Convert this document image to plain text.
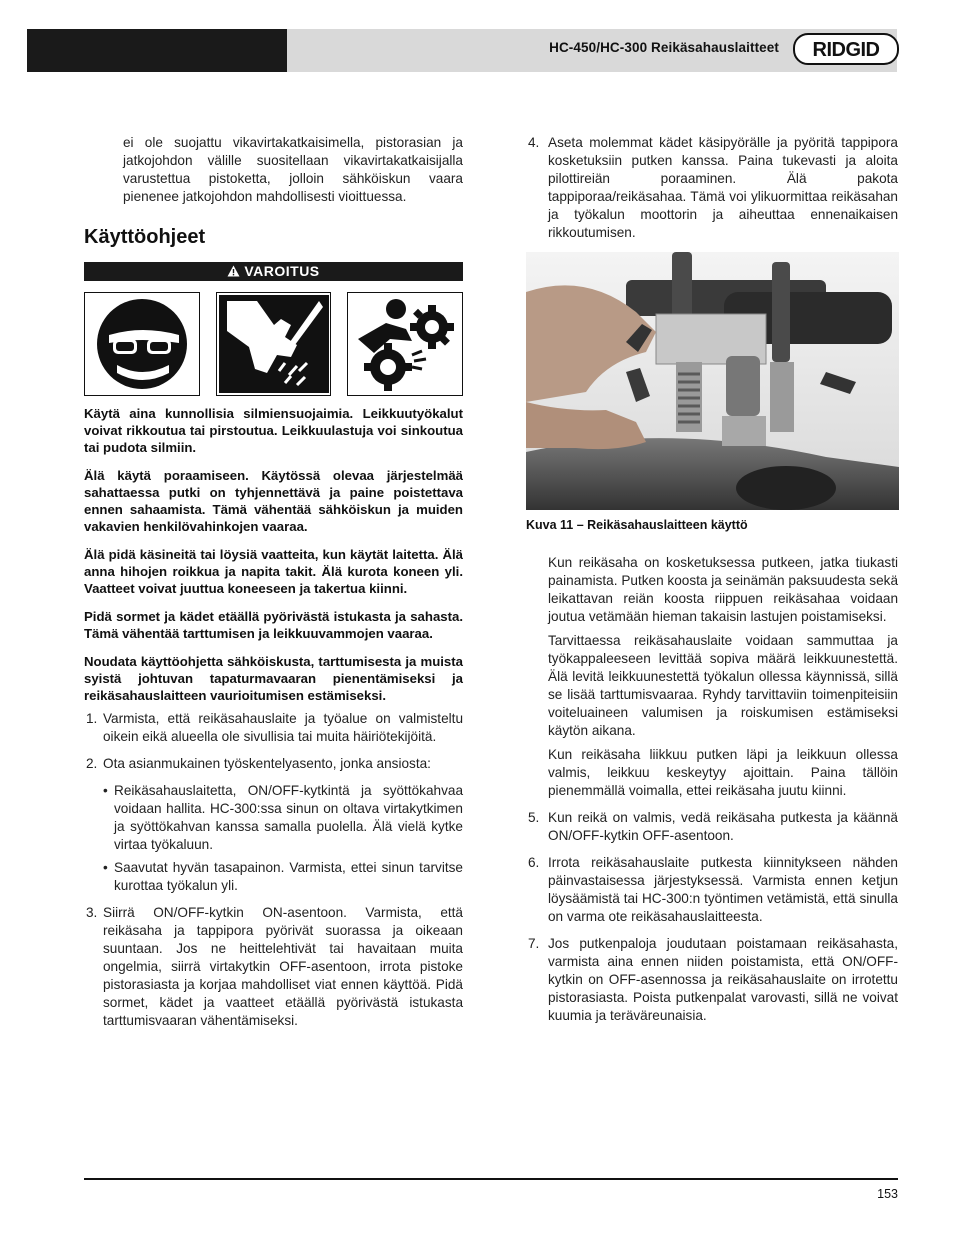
HC-450/HC-300 Reikäsahauslaitteet RIDGID

ei ole suojattu vikavirtakatkaisimella, pistorasian ja jatkojohdon välille suositellaan vikavirtakatkaisijalla varustettua pistoketta, jolloin sähköiskun vaara pienenee jatkojohdon mahdollisesti vioittuessa.

Käyttöohjeet
VAROITUS

Käytä aina kunnollisia silmiensuojaimia. Leikkuutyökalut voivat rikkoutua tai pirstoutua. Leikkuulastuja voi sinkoutua tai pudota silmiin.

Älä käytä poraamiseen. Käytössä olevaa järjestelmää sahattaessa putki on tyhjennettävä ja paine poistettava ennen sahaamista. Tämä vähentää sähköiskun ja muiden vakavien henkilövahinkojen vaaraa.

Älä pidä käsineitä tai löysiä vaatteita, kun käytät laitetta. Älä anna hihojen roikkua ja napita takit. Älä kurota koneen yli. Vaatteet voivat juuttua koneeseen ja takertua kiinni.

Pidä sormet ja kädet etäällä pyörivästä istukasta ja sahasta. Tämä vähentää tarttumisen ja leikkuuvammojen vaaraa.

Noudata käyttöohjetta sähköiskusta, tarttumisesta ja muista syistä johtuvan tapaturmavaaran pienentämiseksi ja reikäsahauslaitteen vaurioitumisen estämiseksi.

1. Varmista, että reikäsahauslaite ja työalue on valmisteltu oikein eikä alueella ole sivullisia tai muita häiriötekijöitä.
2. Ota asianmukainen työskentelyasento, jonka ansiosta:
• Reikäsahauslaitetta, ON/OFF-kytkintä ja syöttökahvaa voidaan hallita. HC-300:ssa sinun on oltava virtakytkimen ja syöttökahvan kanssa samalla puolella. Älä vielä kytke virtaa työkaluun.
• Saavutat hyvän tasapainon. Varmista, ettei sinun tarvitse kurottaa työkalun yli.
3. Siirrä ON/OFF-kytkin ON-asentoon. Varmista, että reikäsaha ja tappipora pyörivät suorassa ja oikeaan suuntaan. Jos ne heittelehtivät tai havaitaan muita ongelmia, siirrä virtakytkin OFF-asentoon, irrota pistoke pistorasiasta ja korjaa mahdolliset viat ennen käyttöä. Pidä sormet, kädet ja vaatteet etäällä pyörivästä istukasta tarttumisvaaran vähentämiseksi.
4. Aseta molemmat kädet käsipyörälle ja pyöritä tappipora kosketuksiin putken kanssa. Paina tukevasti ja aloita pilottireiän poraaminen. Älä pakota tappiporaa/reikäsahaa. Tämä voi ylikuormittaa reikäsahan ja työkalun moottorin ja aiheuttaa ennenaikaisen rikkoutumisen.
Kuva 11 – Reikäsahauslaitteen käyttö

Kun reikäsaha on kosketuksessa putkeen, jatka tiukasti painamista. Putken koosta ja seinämän paksuudesta sekä leikattavan reiän koosta riippuen reikäsahaa voidaan joutua vetämään hieman takaisin lastujen poistamiseksi.

Tarvittaessa reikäsahauslaite voidaan sammuttaa ja työkappaleeseen levittää sopiva määrä leikkuunestettä. Älä levitä leikkuunestettä työkalun ollessa käynnissä, sillä se lisää tarttumisvaaraa. Ryhdy tarvittaviin toimenpiteisiin voiteluaineen valumisen ja roiskumisen estämiseksi käytön aikana.

Kun reikäsaha liikkuu putken läpi ja leikkuun ollessa valmis, leikkuu keskeytyy ajoittain. Paina tällöin pienemmällä voimalla, ettei reikäsaha juutu kiinni.

5. Kun reikä on valmis, vedä reikäsaha putkesta ja käännä ON/OFF-kytkin OFF-asentoon.
6. Irrota reikäsahauslaite putkesta kiinnitykseen nähden päinvastaisessa järjestyksessä. Varmista ennen ketjun löysäämistä tai HC-300:n työntimen vetämistä, että sinulla on varma ote reikäsahauslaitteesta.
7. Jos putkenpaloja joudutaan poistamaan reikäsahasta, varmista aina ennen niiden poistamista, että ON/OFF-kytkin on OFF-asennossa ja reikäsahauslaite on irrotettu pistorasiasta. Poista putkenpalat varovasti, sillä ne voivat kuumia ja teräväreunaisia.
153
